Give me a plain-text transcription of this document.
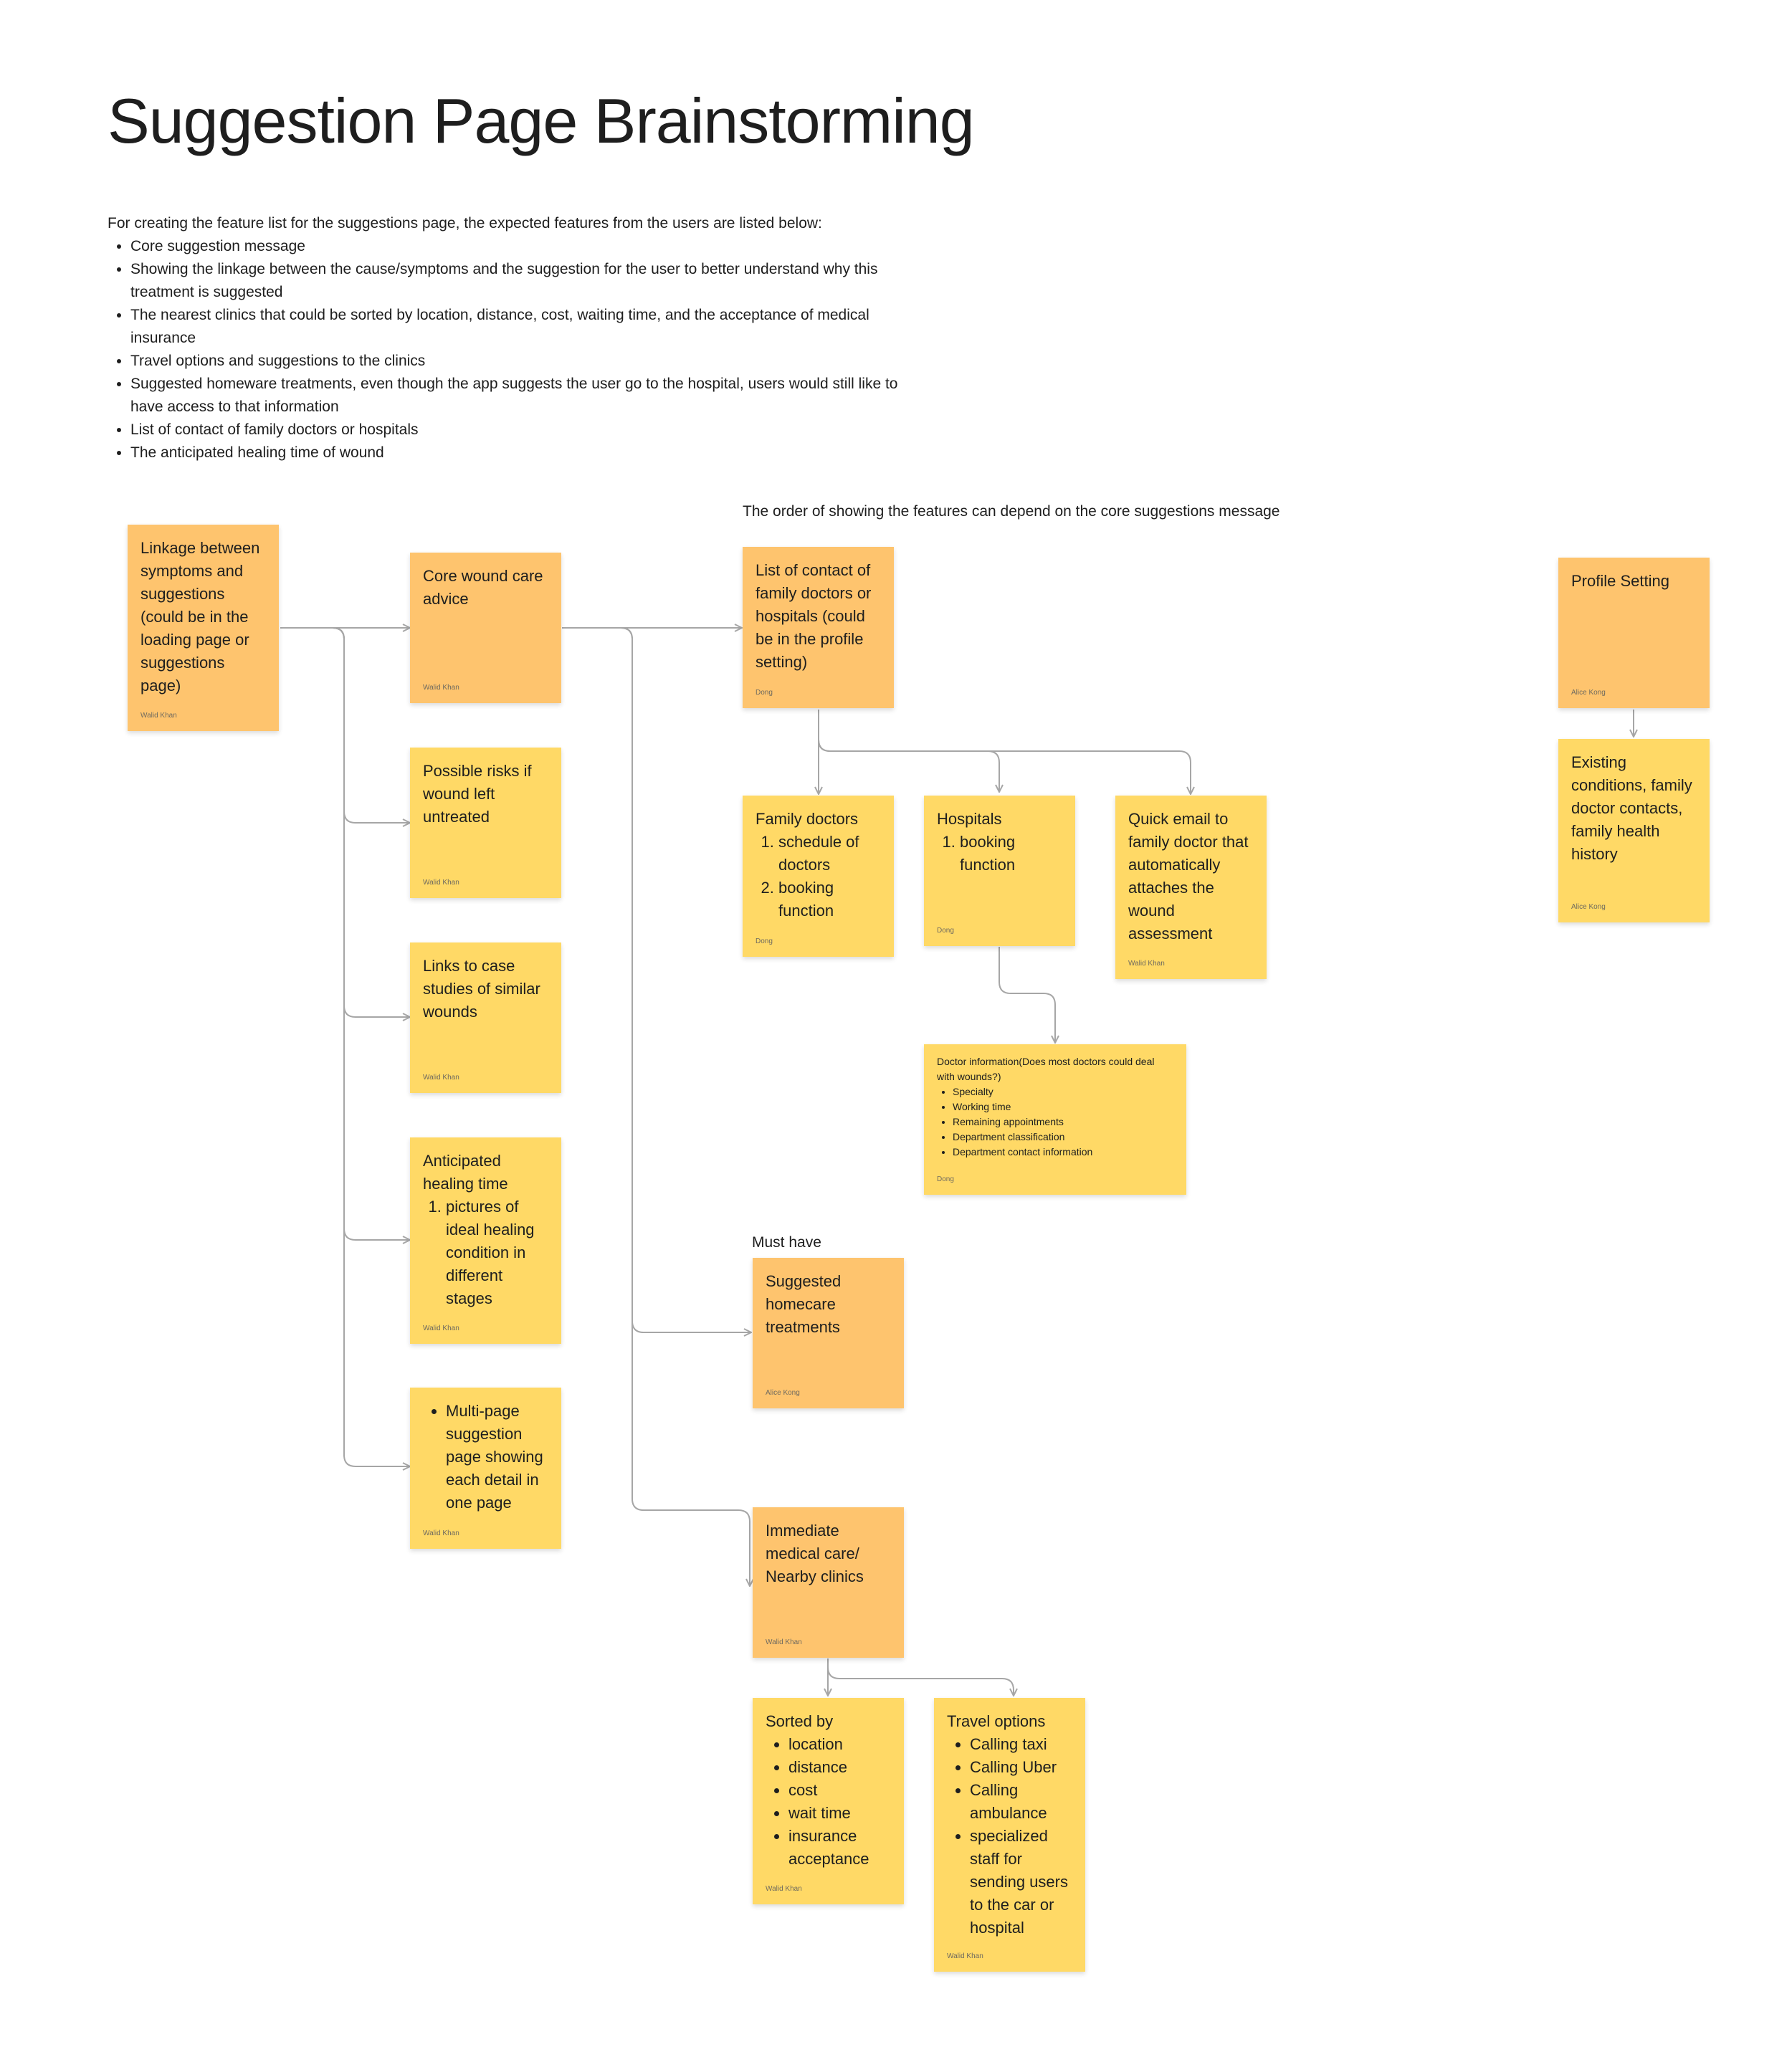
Suggestion Page Brainstorming

For creating the feature list for the suggestions page, the expected features from the users are listed below:

• Core suggestion message
• Showing the linkage between the cause/symptoms and the suggestion for the user to better understand why this treatment is suggested
• The nearest clinics that could be sorted by location, distance, cost, waiting time, and the acceptance of medical insurance
• Travel options and suggestions to the clinics
• Suggested homeware treatments, even though the app suggests the user go to the hospital, users would still like to have access to that information
• List of contact of family doctors or hospitals
• The anticipated healing time of wound
The order of showing the features can depend on the core suggestions message
Must have
Linkage between symptoms and suggestions (could be in the loading page or suggestions page)
Walid Khan
Core wound care advice
Walid Khan
Possible risks if wound left untreated
Walid Khan
Links to case studies of similar wounds
Walid Khan
Anticipated healing time
1. pictures of ideal healing condition in different stages
Walid Khan
• Multi-page suggestion page showing each detail in one page
Walid Khan
List of contact of family doctors or hospitals (could be in the profile setting)
Dong
Family doctors
1. schedule of doctors
2. booking function
Dong
Hospitals
1. booking function
Dong
Quick email to family doctor that automatically attaches the wound assessment
Walid Khan
Doctor information(Does most doctors could deal with wounds?)
• Specialty
• Working time
• Remaining appointments
• Department classification
• Department contact information
Dong
Suggested homecare treatments
Alice Kong
Immediate medical care/ Nearby clinics
Walid Khan
Sorted by
• location
• distance
• cost
• wait time
• insurance acceptance
Walid Khan
Travel options
• Calling taxi
• Calling Uber
• Calling ambulance
• specialized staff for sending users to the car or hospital
Walid Khan
Profile Setting
Alice Kong
Existing conditions, family doctor contacts, family health history
Alice Kong
